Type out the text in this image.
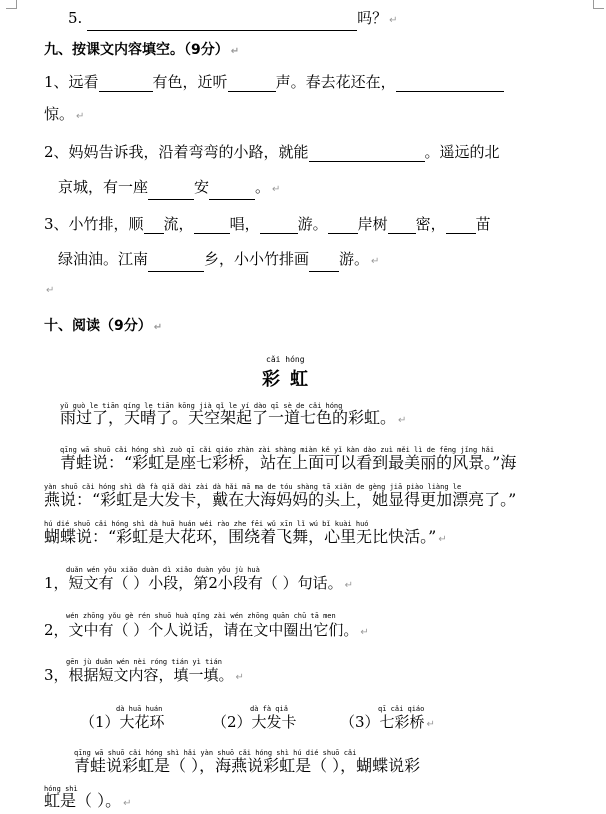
5.	吗？ ↵
九、按课文内容填空。（9分） ↵
1、远看	有色，近听	声。春去花还在，
惊。 ↵
2、妈妈告诉我，沿着弯弯的小路，就能	。遥远的北
京城，有一座	安	。 ↵
3、小竹排，顺 流， 唱，	游。 岸树 密， 苗
绿油油。江南	乡，小小竹排画 游。 ↵
↵
十、阅读（9分） ↵
cǎi hóng
彩虹
yǔ guò le tiān qíng le tiān kōng jià qǐ le yí dào qī sè de cǎi hóng
雨过了，天晴了。天空架起了一道七色的彩虹。 ↵
qīng wā shuō cǎi hóng shì zuò qī cǎi qiáo zhàn zài shàng miàn kě yǐ kàn dào zuì měi lì de fēng jǐng hǎi
青蛙说：“彩虹是座七彩桥，站在上面可以看到最美丽的风景。”海
yàn shuō cǎi hóng shì dà fà qiǎ dài zài dà hǎi mā ma de tóu shàng tā xiǎn de gèng jiā piào liàng le
燕说：“彩虹是大发卡，戴在大海妈妈的头上，她显得更加漂亮了。”
hú dié shuō cǎi hóng shì dà huā huán wéi rào zhe fēi wǔ xīn lǐ wú bǐ kuài huó
蝴蝶说：“彩虹是大花环，围绕着飞舞，心里无比快活。” ↵
duǎn wén yǒu xiǎo duàn dì xiǎo duàn yǒu jù huà
1，短文有（ ）小段，第2小段有（ ）句话。 ↵
wén zhōng yǒu gè rén shuō huà qǐng zài wén zhōng quān chū tā men
2，文中有（ ）个人说话，请在文中圈出它们。 ↵
gēn jù duǎn wén nèi róng tián yì tián
3，根据短文内容，填一填。 ↵
dà huā huán
（1）大花环
dà fà qiǎ
（2）大发卡
qī cǎi qiáo
（3）七彩桥 ↵
qīng wā shuō cǎi hóng shì hǎi yàn shuō cǎi hóng shì hú dié shuō cǎi
青蛙说彩虹是（ ），海燕说彩虹是（ ），蝴蝶说彩
hóng shì
虹是（ ）。 ↵
